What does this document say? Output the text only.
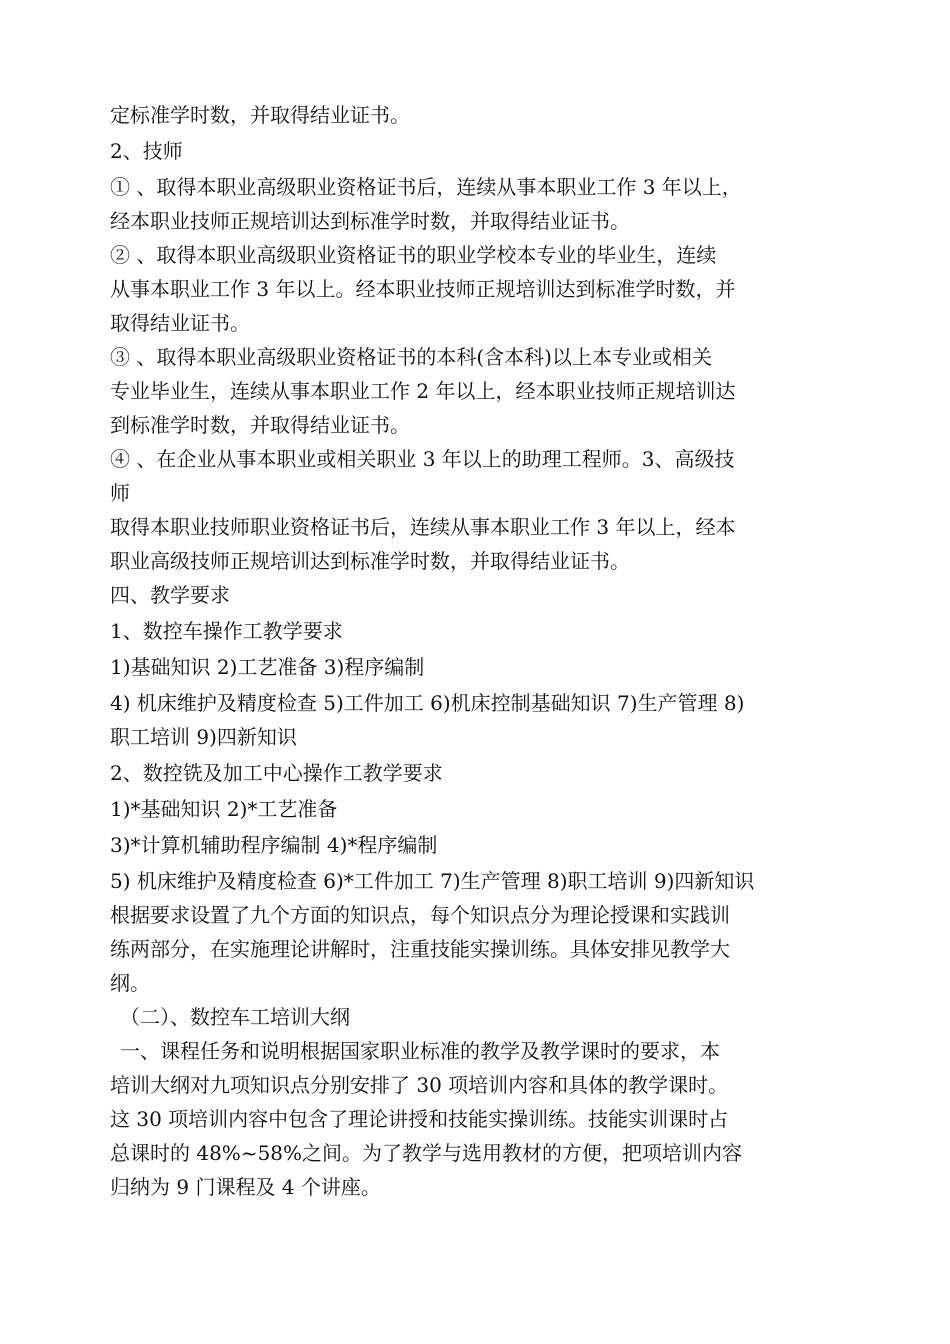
定标准学时数，并取得结业证书。

2、技师

① 、取得本职业高级职业资格证书后，连续从事本职业工作 3 年以上，

经本职业技师正规培训达到标准学时数，并取得结业证书。

② 、取得本职业高级职业资格证书的职业学校本专业的毕业生，连续

从事本职业工作 3 年以上。经本职业技师正规培训达到标准学时数，并

取得结业证书。

③ 、取得本职业高级职业资格证书的本科(含本科)以上本专业或相关

专业毕业生，连续从事本职业工作 2 年以上，经本职业技师正规培训达

到标准学时数，并取得结业证书。

④ 、在企业从事本职业或相关职业 3 年以上的助理工程师。3、高级技

师

取得本职业技师职业资格证书后，连续从事本职业工作 3 年以上，经本

职业高级技师正规培训达到标准学时数，并取得结业证书。

四、教学要求

1、数控车操作工教学要求

1)基础知识 2)工艺准备 3)程序编制

4) 机床维护及精度检查 5)工件加工 6)机床控制基础知识 7)生产管理 8)

职工培训 9)四新知识

2、数控铣及加工中心操作工教学要求

1)*基础知识 2)*工艺准备

3)*计算机辅助程序编制 4)*程序编制

5) 机床维护及精度检查 6)*工件加工 7)生产管理 8)职工培训 9)四新知识

根据要求设置了九个方面的知识点，每个知识点分为理论授课和实践训

练两部分，在实施理论讲解时，注重技能实操训练。具体安排见教学大

纲。

（二）、数控车工培训大纲

一、课程任务和说明根据国家职业标准的教学及教学课时的要求，本

培训大纲对九项知识点分别安排了 30 项培训内容和具体的教学课时。

这 30 项培训内容中包含了理论讲授和技能实操训练。技能实训课时占

总课时的 48%~58%之间。为了教学与选用教材的方便，把项培训内容

归纳为 9 门课程及 4 个讲座。
